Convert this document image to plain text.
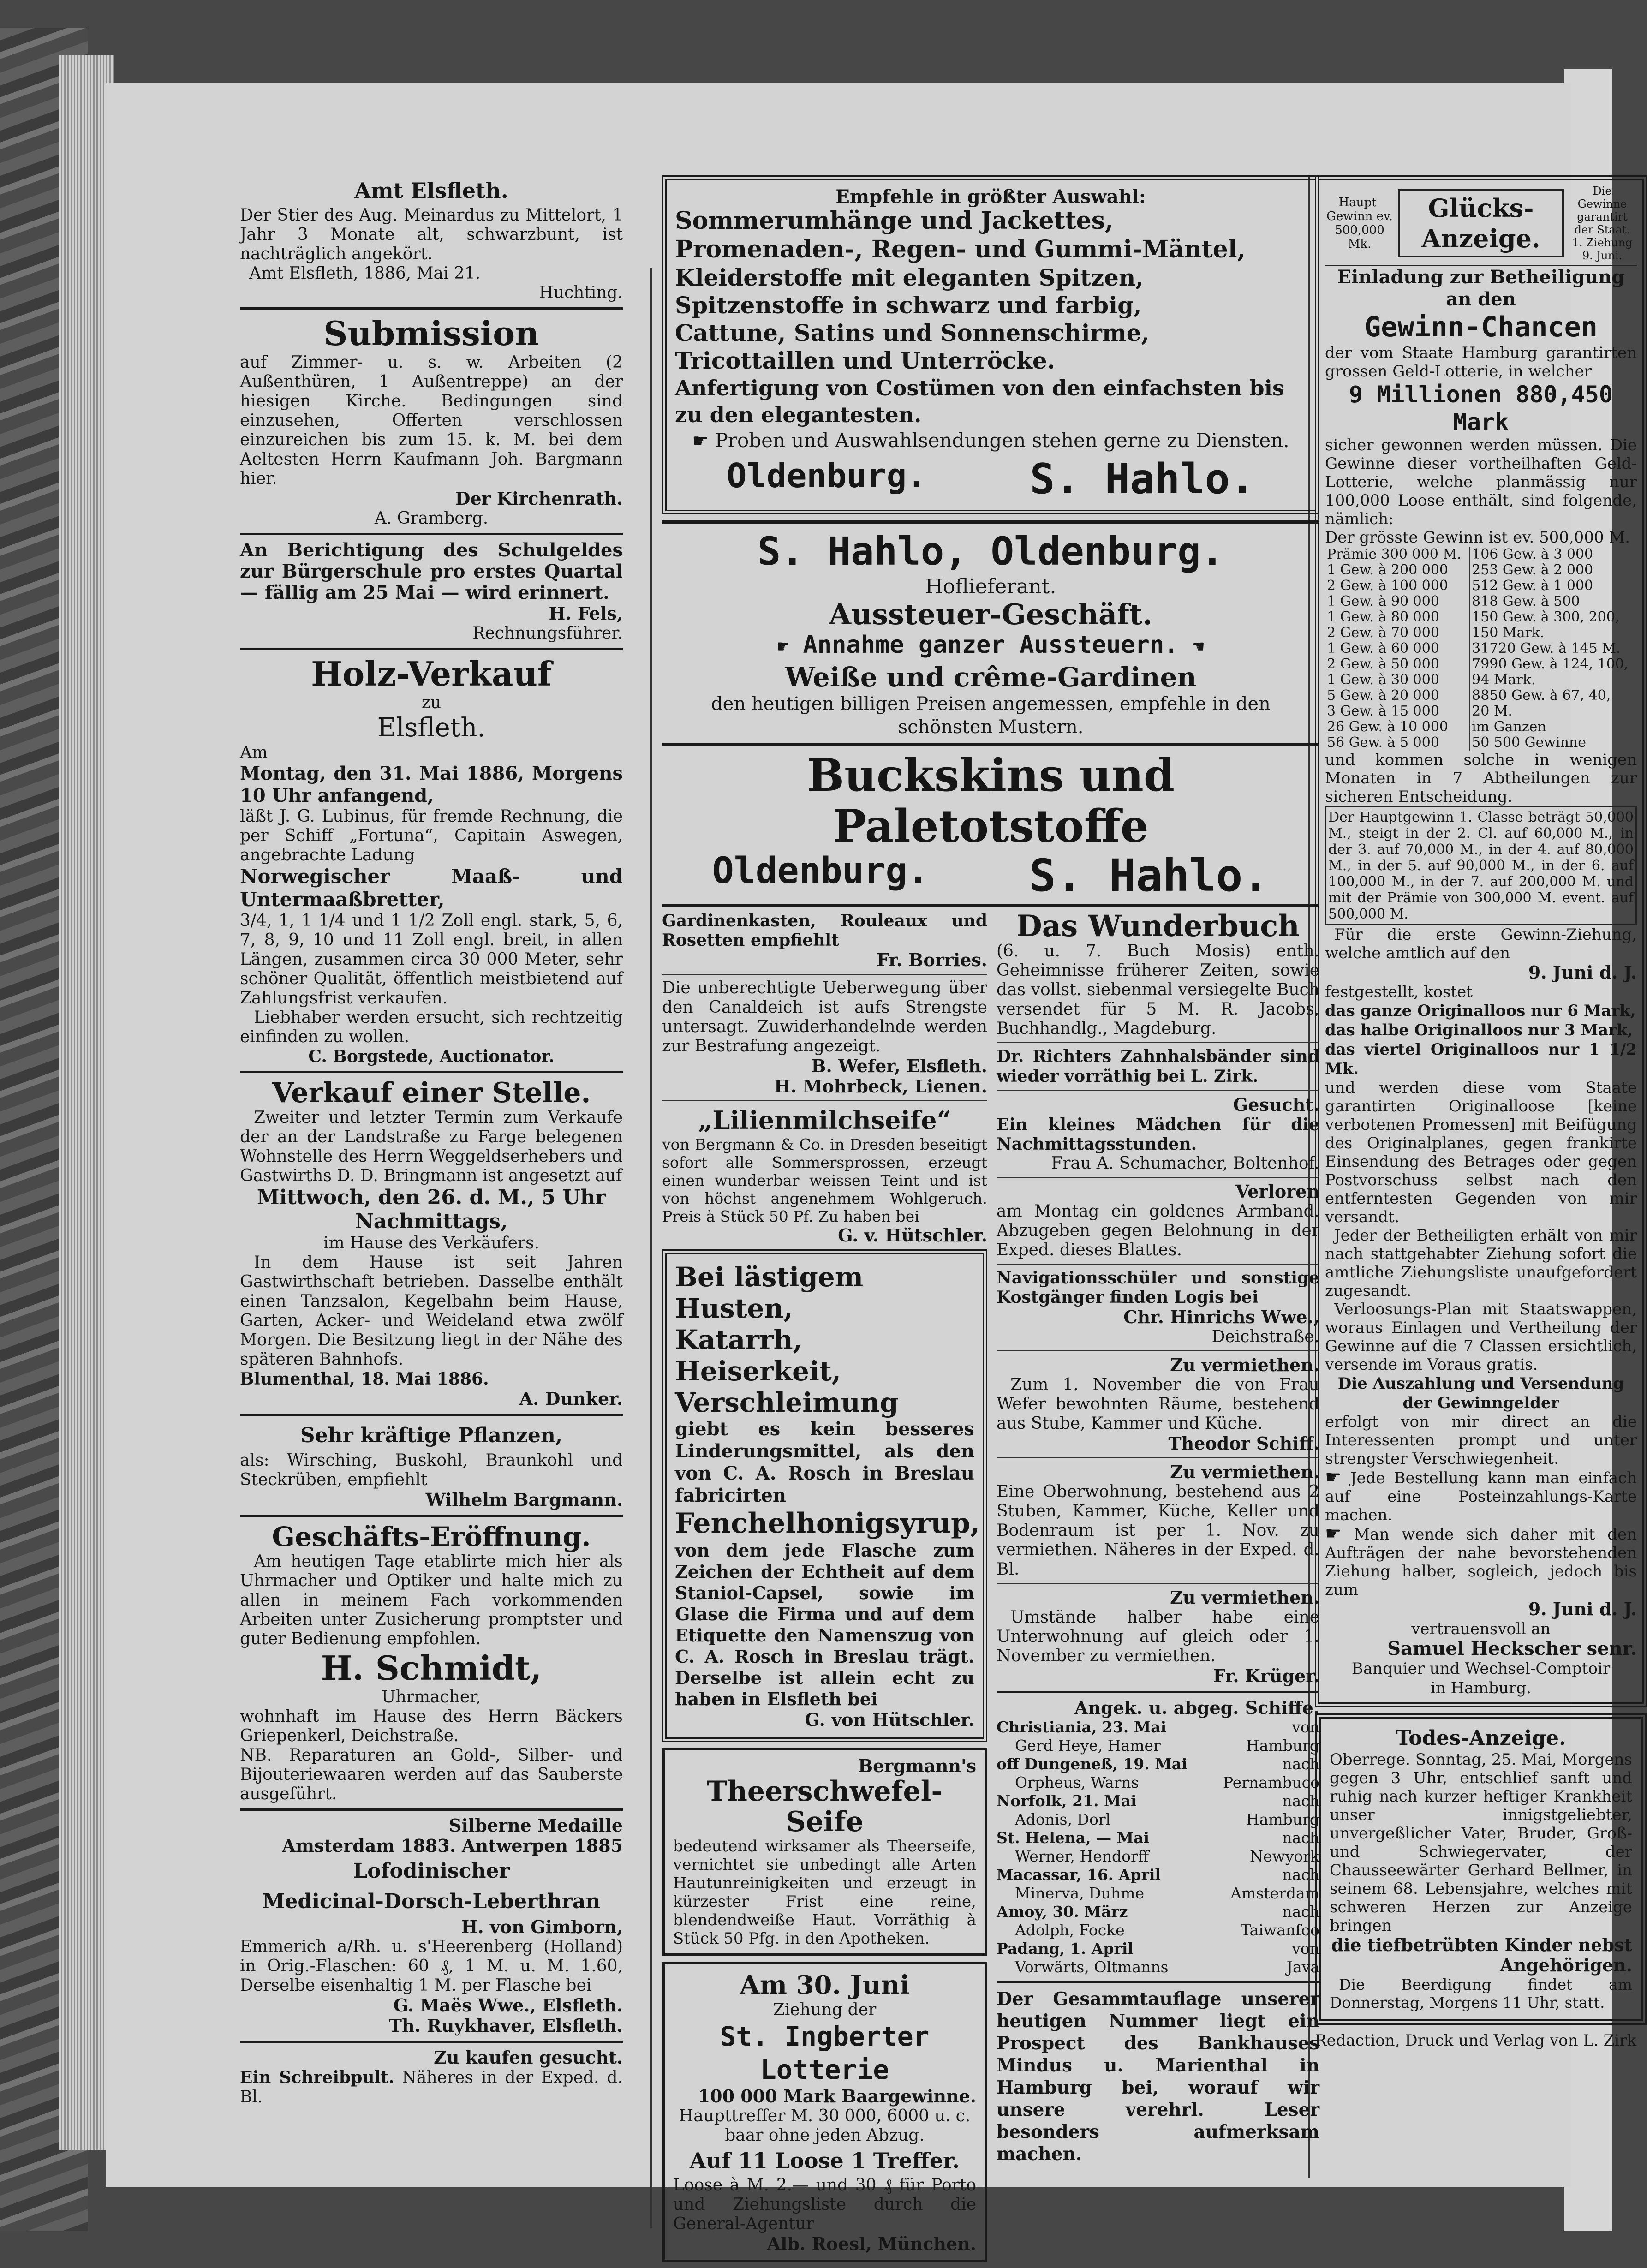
Amt Elsfleth.

Der Stier des Aug. Meinardus zu Mittelort, 1 Jahr 3 Monate alt, schwarzbunt, ist nachträglich angekört.

Amt Elsfleth, 1886, Mai 21.

Huchting.

Submission

auf Zimmer- u. s. w. Arbeiten (2 Außenthüren, 1 Außentreppe) an der hiesigen Kirche. Bedingungen sind einzusehen, Offerten verschlossen einzureichen bis zum 15. k. M. bei dem Aeltesten Herrn Kaufmann Joh. Bargmann hier.

Der Kirchenrath.

A. Gramberg.

An Berichtigung des Schulgeldes zur Bürgerschule pro erstes Quartal — fällig am 25 Mai — wird erinnert.

H. Fels,

Rechnungsführer.

Holz-Verkauf

zu

Elsfleth.

Am

Montag, den 31. Mai 1886, Morgens 10 Uhr anfangend,

läßt J. G. Lubinus, für fremde Rechnung, die per Schiff „Fortuna“, Capitain Aswegen, angebrachte Ladung

Norwegischer Maaß- und Untermaaßbretter,

3/4, 1, 1 1/4 und 1 1/2 Zoll engl. stark, 5, 6, 7, 8, 9, 10 und 11 Zoll engl. breit, in allen Längen, zusammen circa 30 000 Meter, sehr schöner Qualität, öffentlich meistbietend auf Zahlungsfrist verkaufen.

Liebhaber werden ersucht, sich rechtzeitig einfinden zu wollen.

C. Borgstede, Auctionator.

Verkauf einer Stelle.

Zweiter und letzter Termin zum Verkaufe der an der Landstraße zu Farge belegenen Wohnstelle des Herrn Weggeldserhebers und Gastwirths D. D. Bringmann ist angesetzt auf

Mittwoch, den 26. d. M., 5 Uhr Nachmittags,

im Hause des Verkäufers.

In dem Hause ist seit Jahren Gastwirthschaft betrieben. Dasselbe enthält einen Tanzsalon, Kegelbahn beim Hause, Garten, Acker- und Weideland etwa zwölf Morgen. Die Besitzung liegt in der Nähe des späteren Bahnhofs.

Blumenthal, 18. Mai 1886.

A. Dunker.

Sehr kräftige Pflanzen,

als: Wirsching, Buskohl, Braunkohl und Steckrüben, empfiehlt

Wilhelm Bargmann.

Geschäfts-Eröffnung.

Am heutigen Tage etablirte mich hier als Uhrmacher und Optiker und halte mich zu allen in meinem Fach vorkommenden Arbeiten unter Zusicherung promptster und guter Bedienung empfohlen.

H. Schmidt,

Uhrmacher,

wohnhaft im Hause des Herrn Bäckers Griepenkerl, Deichstraße.

NB. Reparaturen an Gold-, Silber- und Bijouteriewaaren werden auf das Sauberste ausgeführt.

Silberne Medaille

Amsterdam 1883. Antwerpen 1885

Lofodinischer

Medicinal-Dorsch-Leberthran

H. von Gimborn,

Emmerich a/Rh. u. s'Heerenberg (Holland) in Orig.-Flaschen: 60 ₰, 1 M. u. M. 1.60, Derselbe eisenhaltig 1 M. per Flasche bei

G. Maës Wwe., Elsfleth.

Th. Ruykhaver, Elsfleth.

Zu kaufen gesucht.

Ein Schreibpult. Näheres in der Exped. d. Bl.

Empfehle in größter Auswahl:

Sommerumhänge und Jackettes,

Promenaden-, Regen- und Gummi-Mäntel,

Kleiderstoffe mit eleganten Spitzen,

Spitzenstoffe in schwarz und farbig,

Cattune, Satins und Sonnenschirme,

Tricottaillen und Unterröcke.

Anfertigung von Costümen von den einfachsten bis zu den elegantesten.

☛ Proben und Auswahlsendungen stehen gerne zu Diensten.

Oldenburg. S. Hahlo.

S. Hahlo, Oldenburg.

Hoflieferant.

Aussteuer-Geschäft.

☛ Annahme ganzer Aussteuern. ☚

Weiße und crême-Gardinen

den heutigen billigen Preisen angemessen, empfehle in den schönsten Mustern.

Buckskins und Paletotstoffe

Oldenburg. S. Hahlo.

Gardinenkasten, Rouleaux und Rosetten empfiehlt

Fr. Borries.

Die unberechtigte Ueberwegung über den Canaldeich ist aufs Strengste untersagt. Zuwiderhandelnde werden zur Bestrafung angezeigt.

B. Wefer, Elsfleth.

H. Mohrbeck, Lienen.

„Lilienmilchseife“

von Bergmann & Co. in Dresden beseitigt sofort alle Sommersprossen, erzeugt einen wunderbar weissen Teint und ist von höchst angenehmem Wohlgeruch. Preis à Stück 50 Pf. Zu haben bei

G. v. Hütschler.

Bei lästigem Husten,

Katarrh, Heiserkeit,

Verschleimung

giebt es kein besseres Linderungsmittel, als den von C. A. Rosch in Breslau fabricirten

Fenchelhonigsyrup,

von dem jede Flasche zum Zeichen der Echtheit auf dem Staniol-Capsel, sowie im Glase die Firma und auf dem Etiquette den Namenszug von C. A. Rosch in Breslau trägt. Derselbe ist allein echt zu haben in Elsfleth bei

G. von Hütschler.

Bergmann's

Theerschwefel-Seife

bedeutend wirksamer als Theerseife, vernichtet sie unbedingt alle Arten Hautunreinigkeiten und erzeugt in kürzester Frist eine reine, blendendweiße Haut. Vorräthig à Stück 50 Pfg. in den Apotheken.

Am 30. Juni

Ziehung der

St. Ingberter Lotterie

100 000 Mark Baargewinne.

Haupttreffer M. 30 000, 6000 u. c. baar ohne jeden Abzug.

Auf 11 Loose 1 Treffer.

Loose à M. 2.— und 30 ₰ für Porto und Ziehungsliste durch die General-Agentur

Alb. Roesl, München.

Das Wunderbuch

(6. u. 7. Buch Mosis) enth. Geheimnisse früherer Zeiten, sowie das vollst. siebenmal versiegelte Buch versendet für 5 M. R. Jacobs, Buchhandlg., Magdeburg.

Dr. Richters Zahnhalsbänder sind wieder vorräthig bei L. Zirk.

Gesucht.

Ein kleines Mädchen für die Nachmittagsstunden.

Frau A. Schumacher, Boltenhof.

Verloren

am Montag ein goldenes Armband. Abzugeben gegen Belohnung in der Exped. dieses Blattes.

Navigationsschüler und sonstige Kostgänger finden Logis bei

Chr. Hinrichs Wwe.,

Deichstraße.

Zu vermiethen.

Zum 1. November die von Frau Wefer bewohnten Räume, bestehend aus Stube, Kammer und Küche.

Theodor Schiff.

Zu vermiethen.

Eine Oberwohnung, bestehend aus 2 Stuben, Kammer, Küche, Keller und Bodenraum ist per 1. Nov. zu vermiethen. Näheres in der Exped. d. Bl.

Zu vermiethen.

Umstände halber habe eine Unterwohnung auf gleich oder 1. November zu vermiethen.

Fr. Krüger.

Angek. u. abgeg. Schiffe.

Christiania, 23. Mai	von
Gerd Heye, Hamer	Hamburg
off Dungeneß, 19. Mai	nach
Orpheus, Warns	Pernambuco
Norfolk, 21. Mai	nach
Adonis, Dorl	Hamburg
St. Helena, — Mai	nach
Werner, Hendorff	Newyork
Macassar, 16. April	nach
Minerva, Duhme	Amsterdam
Amoy, 30. März	nach
Adolph, Focke	Taiwanfoo
Padang, 1. April	von
Vorwärts, Oltmanns	Java

Der Gesammtauflage unserer heutigen Nummer liegt ein Prospect des Bankhauses Mindus u. Marienthal in Hamburg bei, worauf wir unsere verehrl. Leser besonders aufmerksam machen.

Haupt-Gewinn ev. 500,000 Mk.
Glücks-Anzeige.
Die Gewinne garantirt der Staat. 1. Ziehung 9. Juni.

Einladung zur Betheiligung an den

Gewinn-Chancen

der vom Staate Hamburg garantirten grossen Geld-Lotterie, in welcher

9 Millionen 880,450 Mark

sicher gewonnen werden müssen. Die Gewinne dieser vortheilhaften Geld-Lotterie, welche planmässig nur 100,000 Loose enthält, sind folgende, nämlich:

Der grösste Gewinn ist ev. 500,000 M.

Prämie 300 000 M.	106 Gew. à 3 000
1 Gew. à 200 000	253 Gew. à 2 000
2 Gew. à 100 000	512 Gew. à 1 000
1 Gew. à 90 000	818 Gew. à 500
1 Gew. à 80 000	150 Gew. à 300, 200,
2 Gew. à 70 000	150 Mark.
1 Gew. à 60 000	31720 Gew. à 145 M.
2 Gew. à 50 000	7990 Gew. à 124, 100,
1 Gew. à 30 000	94 Mark.
5 Gew. à 20 000	8850 Gew. à 67, 40,
3 Gew. à 15 000	20 M.
26 Gew. à 10 000	im Ganzen
56 Gew. à 5 000	50 500 Gewinne

und kommen solche in wenigen Monaten in 7 Abtheilungen zur sicheren Entscheidung.

Der Hauptgewinn 1. Classe beträgt 50,000 M., steigt in der 2. Cl. auf 60,000 M., in der 3. auf 70,000 M., in der 4. auf 80,000 M., in der 5. auf 90,000 M., in der 6. auf 100,000 M., in der 7. auf 200,000 M. und mit der Prämie von 300,000 M. event. auf 500,000 M.

Für die erste Gewinn-Ziehung, welche amtlich auf den

9. Juni d. J.

festgestellt, kostet

das ganze Originalloos nur 6 Mark,

das halbe Originalloos nur 3 Mark,

das viertel Originalloos nur 1 1/2 Mk.

und werden diese vom Staate garantirten Originalloose [keine verbotenen Promessen] mit Beifügung des Originalplanes, gegen frankirte Einsendung des Betrages oder gegen Postvorschuss selbst nach den entferntesten Gegenden von mir versandt.

Jeder der Betheiligten erhält von mir nach stattgehabter Ziehung sofort die amtliche Ziehungsliste unaufgefordert zugesandt.

Verloosungs-Plan mit Staatswappen, woraus Einlagen und Vertheilung der Gewinne auf die 7 Classen ersichtlich, versende im Voraus gratis.

Die Auszahlung und Versendung der Gewinngelder

erfolgt von mir direct an die Interessenten prompt und unter strengster Verschwiegenheit.

☛ Jede Bestellung kann man einfach auf eine Posteinzahlungs-Karte machen.

☛ Man wende sich daher mit den Aufträgen der nahe bevorstehenden Ziehung halber, sogleich, jedoch bis zum

9. Juni d. J.

vertrauensvoll an

Samuel Heckscher senr.

Banquier und Wechsel-Comptoir

in Hamburg.

Todes-Anzeige.

Oberrege. Sonntag, 25. Mai, Morgens gegen 3 Uhr, entschlief sanft und ruhig nach kurzer heftiger Krankheit unser innigstgeliebter, unvergeßlicher Vater, Bruder, Groß- und Schwiegervater, der Chausseewärter Gerhard Bellmer, in seinem 68. Lebensjahre, welches mit schweren Herzen zur Anzeige bringen

die tiefbetrübten Kinder nebst Angehörigen.

Die Beerdigung findet am Donnerstag, Morgens 11 Uhr, statt.

Redaction, Druck und Verlag von L. Zirk
